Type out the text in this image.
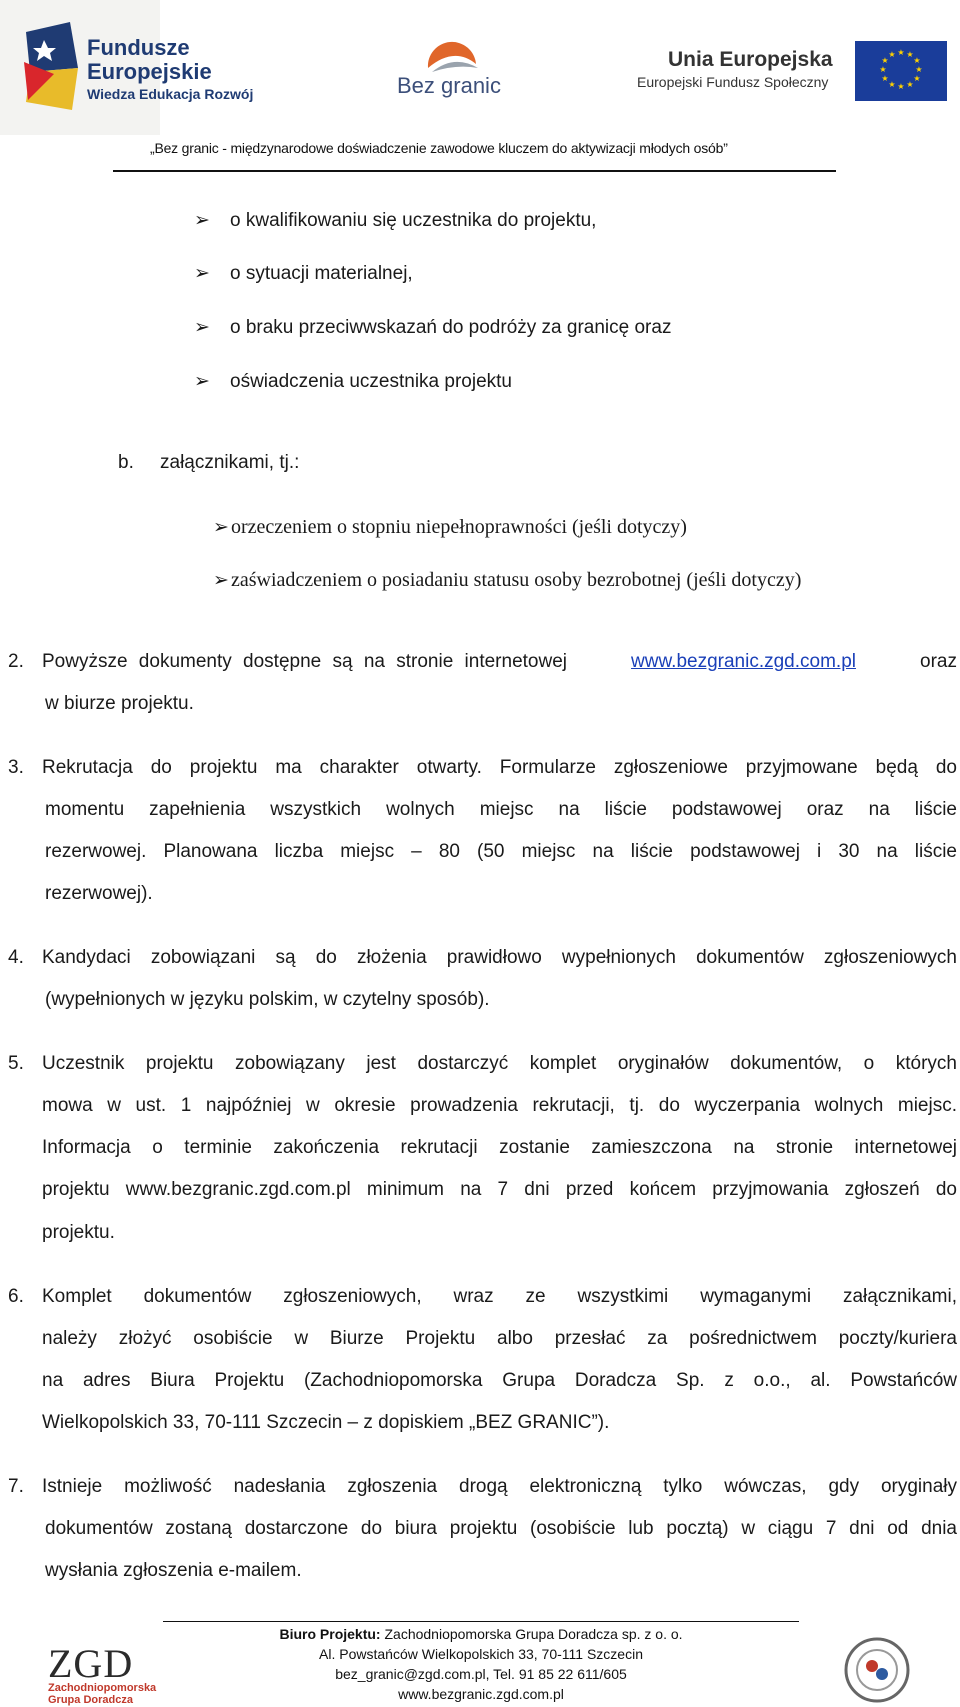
Fundusze
Europejskie
Wiedza Edukacja Rozwój	Bez granic
Unia Europejska
Europejski Fundusz Społeczny
★ ★
★
★
★
★
★
★
★
★
★
★
„Bez granic - międzynarodowe doświadczenie zawodowe kluczem do aktywizacji młodych osób”
➢ o kwalifikowaniu się uczestnika do projektu,
➢ o sytuacji materialnej,
➢ o braku przeciwwskazań do podróży za granicę oraz
➢ oświadczenia uczestnika projektu
b. załącznikami, tj.:
➢ orzeczeniem o stopniu niepełnoprawności (jeśli dotyczy)
➢ zaświadczeniem o posiadaniu statusu osoby bezrobotnej (jeśli dotyczy)
2. Powyższe dokumenty dostępne są na stronie internetowej	www.bezgranic.zgd.com.pl	oraz
w biurze projektu.
3. Rekrutacja do projektu ma charakter otwarty. Formularze zgłoszeniowe przyjmowane będą do
momentu zapełnienia wszystkich wolnych miejsc na liście podstawowej oraz na liście
rezerwowej. Planowana liczba miejsc – 80 (50 miejsc na liście podstawowej i 30 na liście
rezerwowej).
4. Kandydaci zobowiązani są do złożenia prawidłowo wypełnionych dokumentów zgłoszeniowych
(wypełnionych w języku polskim, w czytelny sposób).
5. Uczestnik projektu zobowiązany jest dostarczyć komplet oryginałów dokumentów, o których
mowa w ust. 1 najpóźniej w okresie prowadzenia rekrutacji, tj. do wyczerpania wolnych miejsc.
Informacja o terminie zakończenia rekrutacji zostanie zamieszczona na stronie internetowej
projektu www.bezgranic.zgd.com.pl minimum na 7 dni przed końcem przyjmowania zgłoszeń do
projektu.
6. Komplet dokumentów zgłoszeniowych, wraz ze wszystkimi wymaganymi załącznikami,
należy złożyć osobiście w Biurze Projektu albo przesłać za pośrednictwem poczty/kuriera
na adres Biura Projektu (Zachodniopomorska Grupa Doradcza Sp. z o.o., al. Powstańców
Wielkopolskich 33, 70-111 Szczecin – z dopiskiem „BEZ GRANIC”).
7. Istnieje możliwość nadesłania zgłoszenia drogą elektroniczną tylko wówczas, gdy oryginały
dokumentów zostaną dostarczone do biura projektu (osobiście lub pocztą) w ciągu 7 dni od dnia
wysłania zgłoszenia e-mailem.
Biuro Projektu: Zachodniopomorska Grupa Doradcza sp. z o. o.
Al. Powstańców Wielkopolskich 33, 70-111 Szczecin
bez_granic@zgd.com.pl, Tel. 91 85 22 611/605
www.bezgranic.zgd.com.pl
ZGD
Zachodniopomorska
Grupa Doradcza
